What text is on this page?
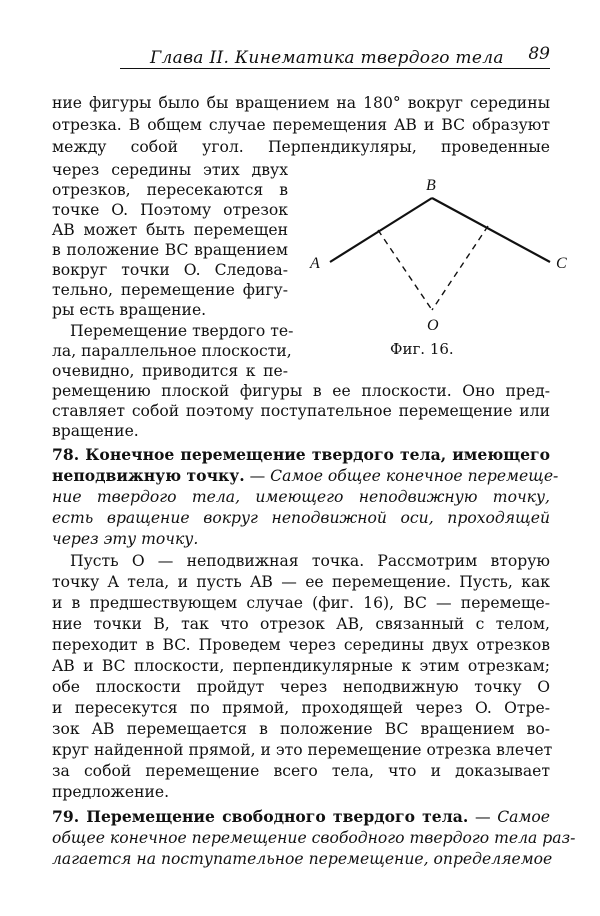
Глава II. Кинематика твердого тела 89
ние фигуры было бы вращением на 180° вокруг середины
отрезка. В общем случае перемещения AB и BC образуют
между собой угол. Перпендикуляры, проведенные
через середины этих двух
отрезков, пересекаются в
точке O. Поэтому отрезок
AB может быть перемещен
в положение BC вращением
вокруг точки O. Следова-
тельно, перемещение фигу-
ры есть вращение.
Перемещение твердого те-
ла, параллельное плоскости,
очевидно, приводится к пе-
A
B
C
O
Фиг. 16.
ремещению плоской фигуры в ее плоскости. Оно пред-
ставляет собой поэтому поступательное перемещение или
вращение.
78. Конечное перемещение твердого тела, имеющего
неподвижную точку. — Самое общее конечное перемеще-
ние твердого тела, имеющего неподвижную точку,
есть вращение вокруг неподвижной оси, проходящей
через эту точку.
Пусть O — неподвижная точка. Рассмотрим вторую
точку A тела, и пусть AB — ее перемещение. Пусть, как
и в предшествующем случае (фиг. 16), BC — перемеще-
ние точки B, так что отрезок AB, связанный с телом,
переходит в BC. Проведем через середины двух отрезков
AB и BC плоскости, перпендикулярные к этим отрезкам;
обе плоскости пройдут через неподвижную точку O
и пересекутся по прямой, проходящей через O. Отре-
зок AB перемещается в положение BC вращением во-
круг найденной прямой, и это перемещение отрезка влечет
за собой перемещение всего тела, что и доказывает
предложение.
79. Перемещение свободного твердого тела. — Самое
общее конечное перемещение свободного твердого тела раз-
лагается на поступательное перемещение, определяемое
